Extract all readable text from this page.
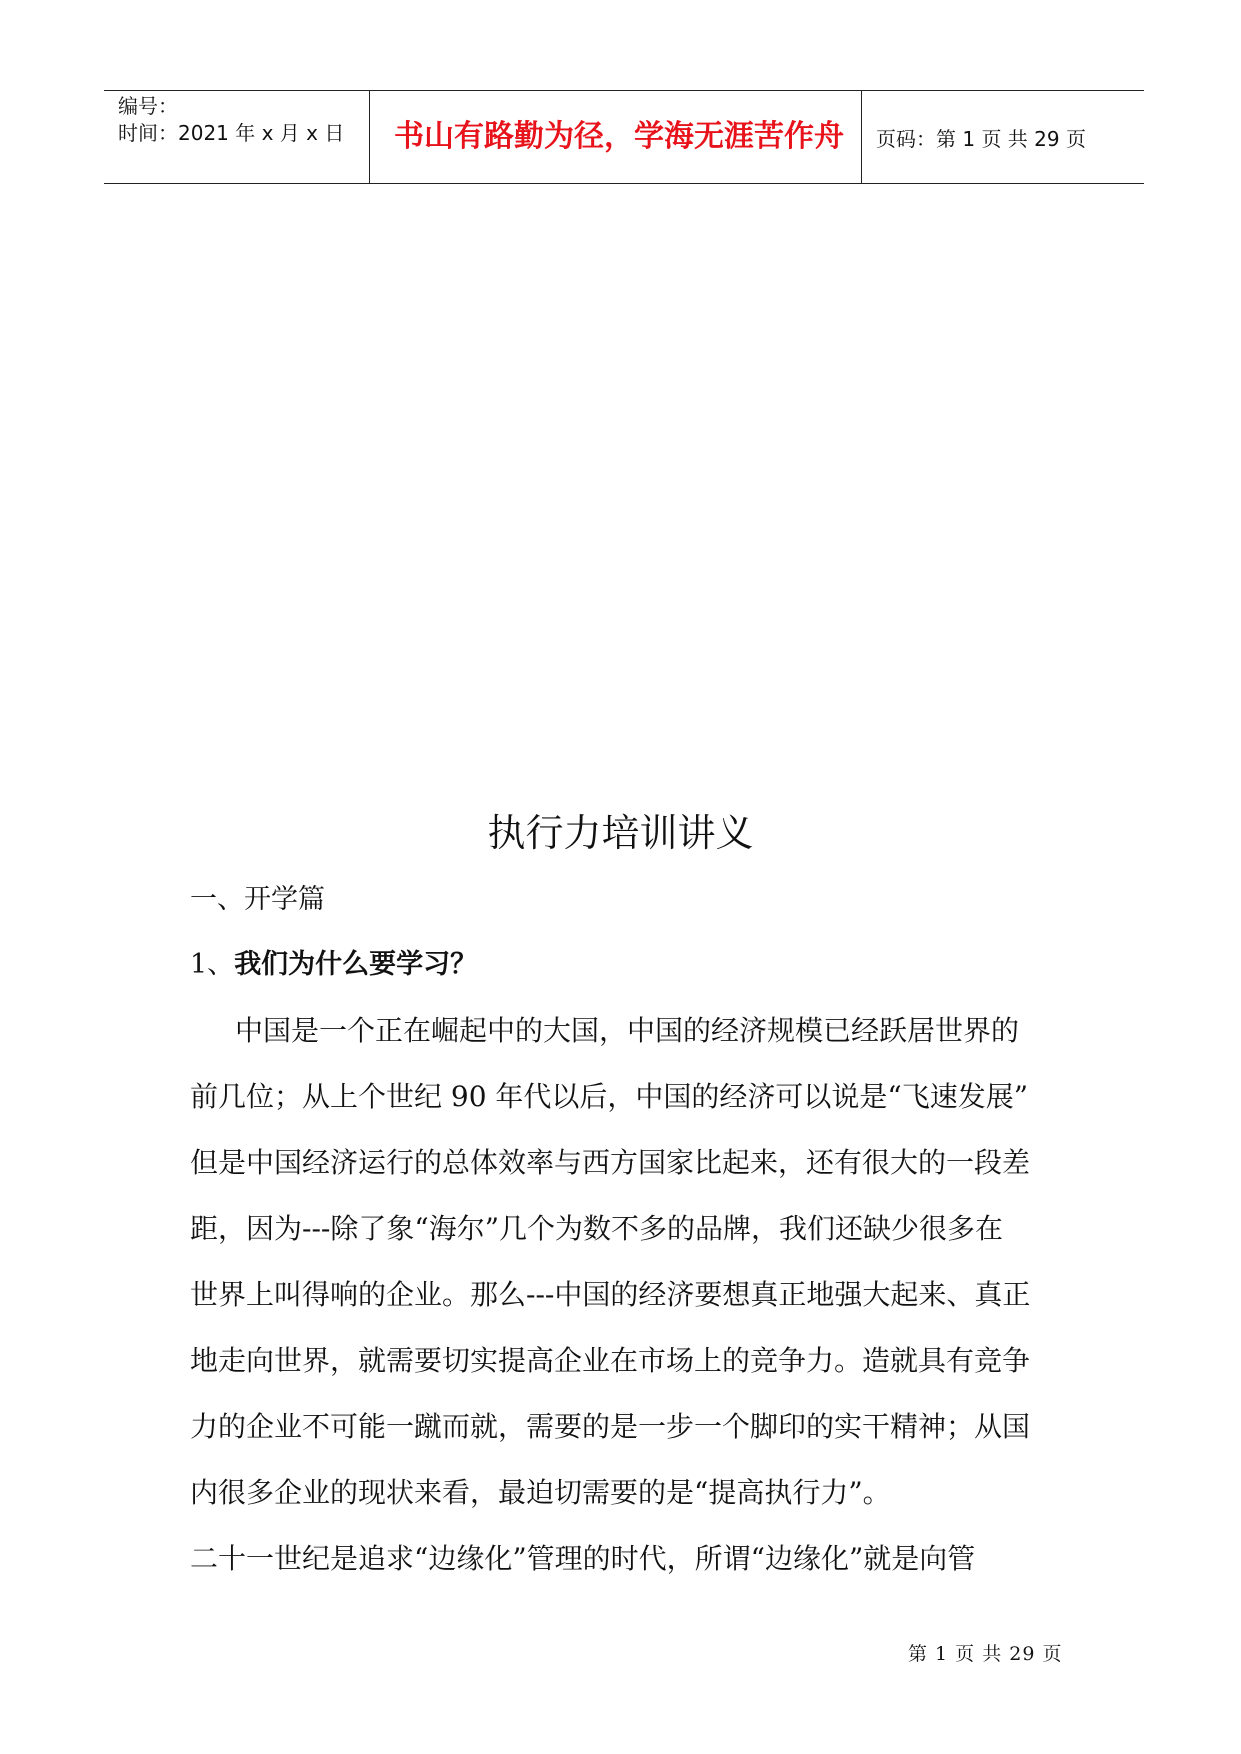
编号：
时间：2021 年 x 月 x 日 书山有路勤为径，学海无涯苦作舟 页码：第 1 页 共 29 页
执行力培训讲义
一、开学篇
1、我们为什么要学习？
中国是一个正在崛起中的大国，中国的经济规模已经跃居世界的
前几位；从上个世纪 90 年代以后，中国的经济可以说是“飞速发展”
但是中国经济运行的总体效率与西方国家比起来，还有很大的一段差
距，因为---除了象“海尔”几个为数不多的品牌，我们还缺少很多在
世界上叫得响的企业。那么---中国的经济要想真正地强大起来、真正
地走向世界，就需要切实提高企业在市场上的竞争力。造就具有竞争
力的企业不可能一蹴而就，需要的是一步一个脚印的实干精神；从国
内很多企业的现状来看，最迫切需要的是“提高执行力”。
二十一世纪是追求“边缘化”管理的时代，所谓“边缘化”就是向管
第 1 页 共 29 页
